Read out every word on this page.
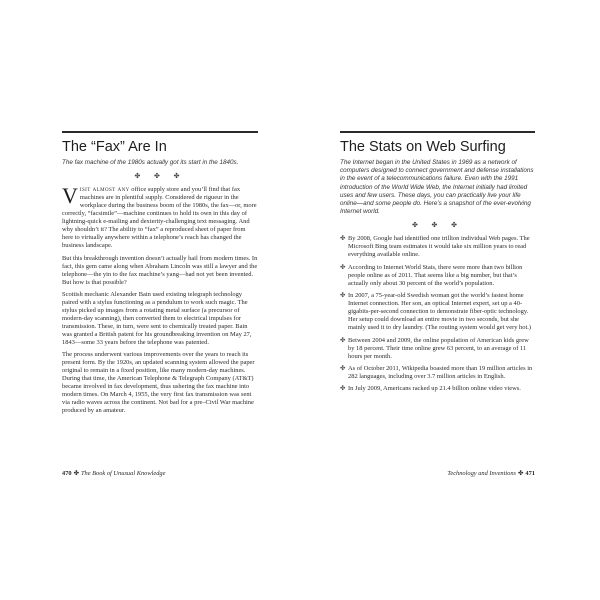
The “Fax” Are In
The fax machine of the 1980s actually got its start in the 1840s.
✤ ✤ ✤

Visit almost any office supply store and you’ll find that fax machines are in plentiful supply. Considered de rigueur in the workplace during the business boom of the 1980s, the fax—or, more correctly, “facsimile”—machine continues to hold its own in this day of lightning-quick e-mailing and dexterity-challenging text messaging. And why shouldn’t it? The ability to “fax” a reproduced sheet of paper from here to virtually anywhere within a telephone’s reach has changed the business landscape.

But this breakthrough invention doesn’t actually hail from modern times. In fact, this gem came along when Abraham Lincoln was still a lawyer and the telephone—the yin to the fax machine’s yang—had not yet been invented. But how is that possible?

Scottish mechanic Alexander Bain used existing telegraph technology paired with a stylus functioning as a pendulum to work such magic. The stylus picked up images from a rotating metal surface (a precursor of modern-day scanning), then converted them to electrical impulses for transmission. These, in turn, were sent to chemically treated paper. Bain was granted a British patent for his groundbreaking invention on May 27, 1843—some 33 years before the telephone was patented.

The process underwent various improvements over the years to reach its present form. By the 1920s, an updated scanning system allowed the paper original to remain in a fixed position, like many modern-day machines. During that time, the American Telephone & Telegraph Company (AT&T) became involved in fax development, thus ushering the fax machine into modern times. On March 4, 1955, the very first fax transmission was sent via radio waves across the continent. Not bad for a pre–Civil War machine produced by an amateur.

470 ✤ The Book of Unusual Knowledge
The Stats on Web Surfing
The Internet began in the United States in 1969 as a network of computers designed to connect government and defense installations in the event of a telecommunications failure. Even with the 1991 introduction of the World Wide Web, the Internet initially had limited uses and few users. These days, you can practically live your life online—and some people do. Here’s a snapshot of the ever-evolving Internet world.
✤ ✤ ✤
✤ By 2008, Google had identified one trillion individual Web pages. The Microsoft Bing team estimates it would take six million years to read everything available online.
✤ According to Internet World Stats, there were more than two billion people online as of 2011. That seems like a big number, but that’s actually only about 30 percent of the world’s population.
✤ In 2007, a 75-year-old Swedish woman got the world’s fastest home Internet connection. Her son, an optical Internet expert, set up a 40-gigabits-per-second connection to demonstrate fiber-optic technology. Her setup could download an entire movie in two seconds, but she mainly used it to dry laundry. (The routing system would get very hot.)
✤ Between 2004 and 2009, the online population of American kids grew by 18 percent. Their time online grew 63 percent, to an average of 11 hours per month.
✤ As of October 2011, Wikipedia boasted more than 19 million articles in 282 languages, including over 3.7 million articles in English.
✤ In July 2009, Americans racked up 21.4 billion online video views.
Technology and Inventions ✤ 471
